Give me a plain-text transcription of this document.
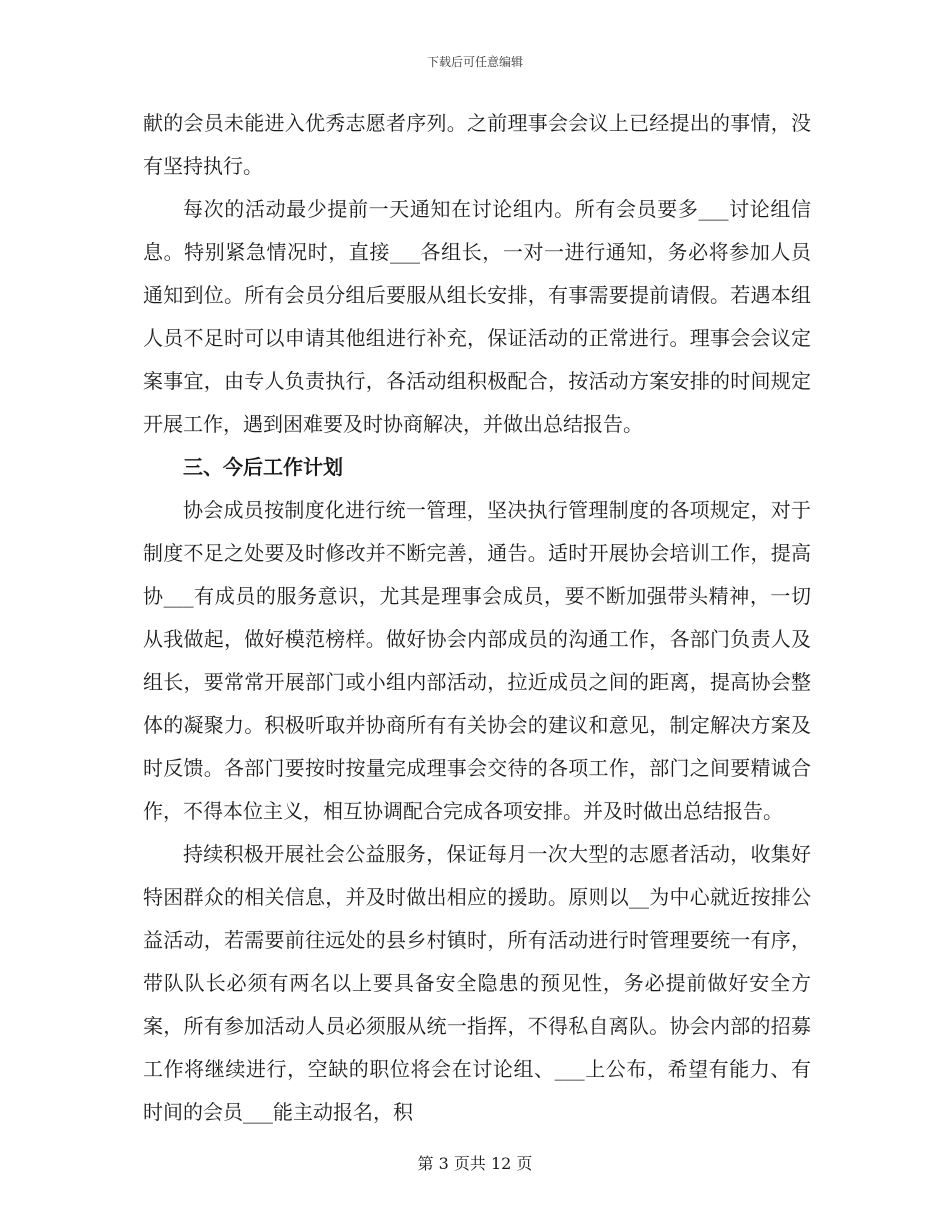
下载后可任意编辑

献的会员未能进入优秀志愿者序列。之前理事会会议上已经提出的事情，没有坚持执行。

每次的活动最少提前一天通知在讨论组内。所有会员要多___讨论组信息。特别紧急情况时，直接___各组长，一对一进行通知，务必将参加人员通知到位。所有会员分组后要服从组长安排，有事需要提前请假。若遇本组人员不足时可以申请其他组进行补充，保证活动的正常进行。理事会会议定案事宜，由专人负责执行，各活动组积极配合，按活动方案安排的时间规定开展工作，遇到困难要及时协商解决，并做出总结报告。

三、今后工作计划

协会成员按制度化进行统一管理，坚决执行管理制度的各项规定，对于制度不足之处要及时修改并不断完善，通告。适时开展协会培训工作，提高协___有成员的服务意识，尤其是理事会成员，要不断加强带头精神，一切从我做起，做好模范榜样。做好协会内部成员的沟通工作，各部门负责人及组长，要常常开展部门或小组内部活动，拉近成员之间的距离，提高协会整体的凝聚力。积极听取并协商所有有关协会的建议和意见，制定解决方案及时反馈。各部门要按时按量完成理事会交待的各项工作，部门之间要精诚合作，不得本位主义，相互协调配合完成各项安排。并及时做出总结报告。

持续积极开展社会公益服务，保证每月一次大型的志愿者活动，收集好特困群众的相关信息，并及时做出相应的援助。原则以__为中心就近按排公益活动，若需要前往远处的县乡村镇时，所有活动进行时管理要统一有序，带队队长必须有两名以上要具备安全隐患的预见性，务必提前做好安全方案，所有参加活动人员必须服从统一指挥，不得私自离队。协会内部的招募工作将继续进行，空缺的职位将会在讨论组、___上公布，希望有能力、有时间的会员___能主动报名，积

第 3 页共 12 页
